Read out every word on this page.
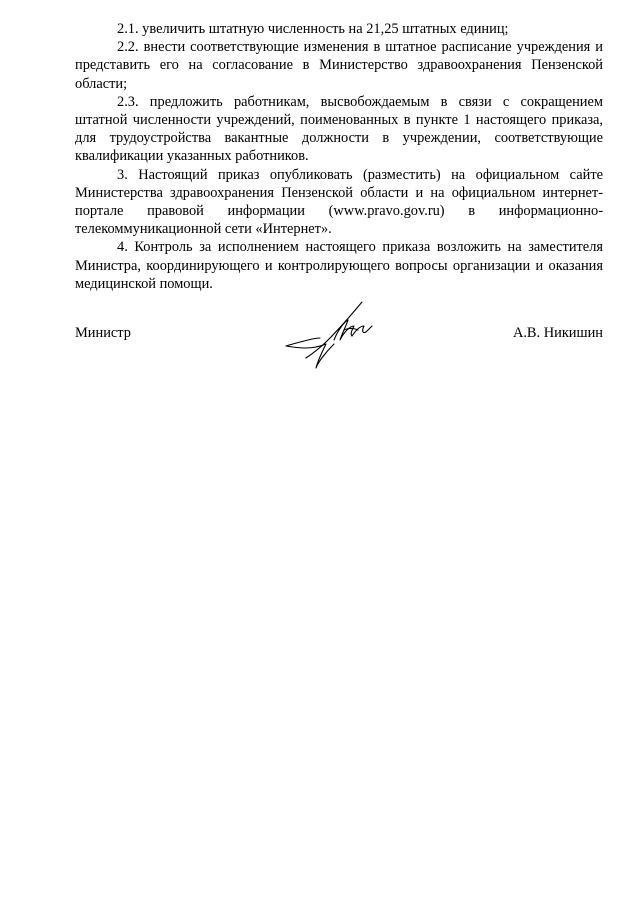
2.1. увеличить штатную численность на 21,25 штатных единиц;

2.2. внести соответствующие изменения в штатное расписание учреждения и представить его на согласование в Министерство здравоохранения Пензенской области;

2.3. предложить работникам, высвобождаемым в связи с сокращением штатной численности учреждений, поименованных в пункте 1 настоящего приказа, для трудоустройства вакантные должности в учреждении, соответствующие квалификации указанных работников.

3. Настоящий приказ опубликовать (разместить) на официальном сайте Министерства здравоохранения Пензенской области и на официальном интернет-портале правовой информации (www.pravo.gov.ru) в информационно-телекоммуникационной сети «Интернет».

4. Контроль за исполнением настоящего приказа возложить на заместителя Министра, координирующего и контролирующего вопросы организации и оказания медицинской помощи.

Министр	А.В. Никишин
